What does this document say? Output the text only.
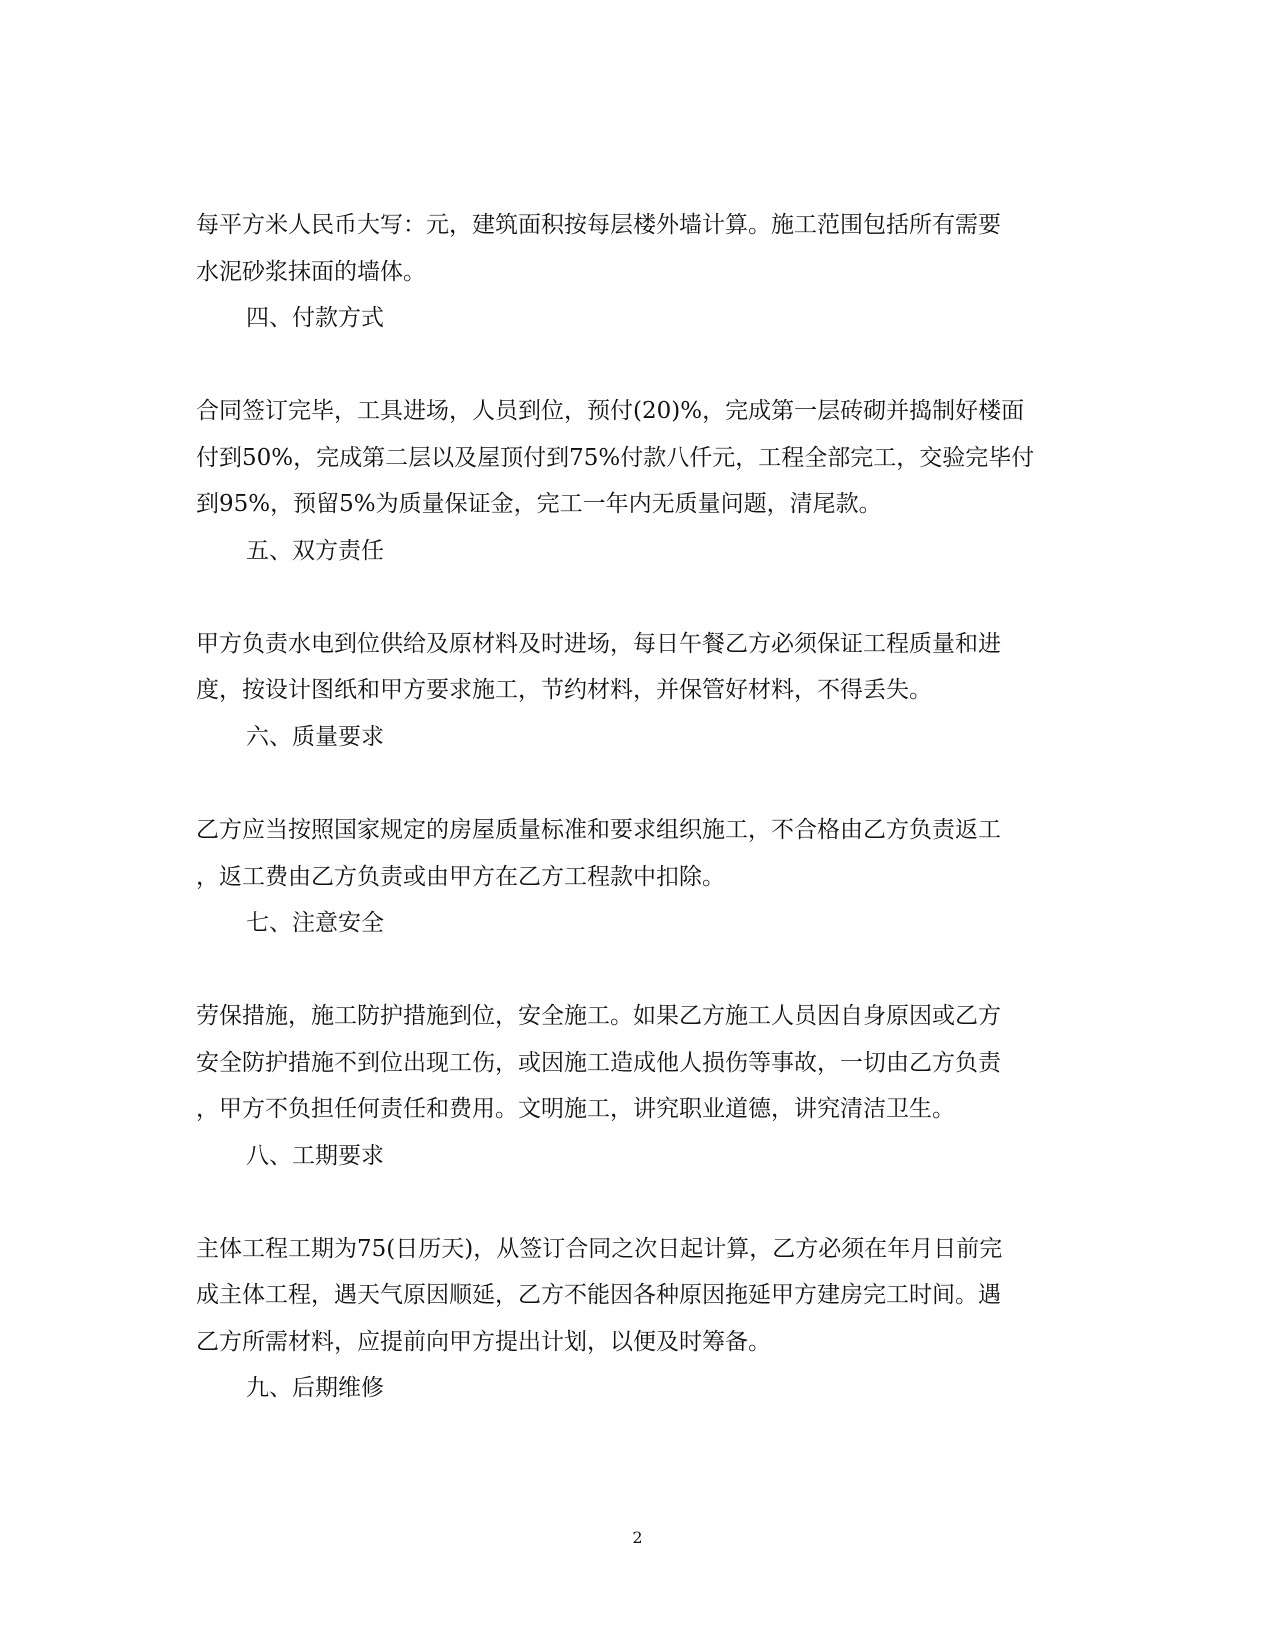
每平方米人民币大写：元，建筑面积按每层楼外墙计算。施工范围包括所有需要
水泥砂浆抹面的墙体。
四、付款方式
合同签订完毕，工具进场，人员到位，预付(20)%，完成第一层砖砌并捣制好楼面
付到50%，完成第二层以及屋顶付到75%付款八仟元，工程全部完工，交验完毕付
到95%，预留5%为质量保证金，完工一年内无质量问题，清尾款。
五、双方责任
甲方负责水电到位供给及原材料及时进场，每日午餐乙方必须保证工程质量和进
度，按设计图纸和甲方要求施工，节约材料，并保管好材料，不得丢失。
六、质量要求
乙方应当按照国家规定的房屋质量标准和要求组织施工，不合格由乙方负责返工
，返工费由乙方负责或由甲方在乙方工程款中扣除。
七、注意安全
劳保措施，施工防护措施到位，安全施工。如果乙方施工人员因自身原因或乙方
安全防护措施不到位出现工伤，或因施工造成他人损伤等事故，一切由乙方负责
，甲方不负担任何责任和费用。文明施工，讲究职业道德，讲究清洁卫生。
八、工期要求
主体工程工期为75(日历天)，从签订合同之次日起计算，乙方必须在年月日前完
成主体工程，遇天气原因顺延，乙方不能因各种原因拖延甲方建房完工时间。遇
乙方所需材料，应提前向甲方提出计划，以便及时筹备。
九、后期维修
2
